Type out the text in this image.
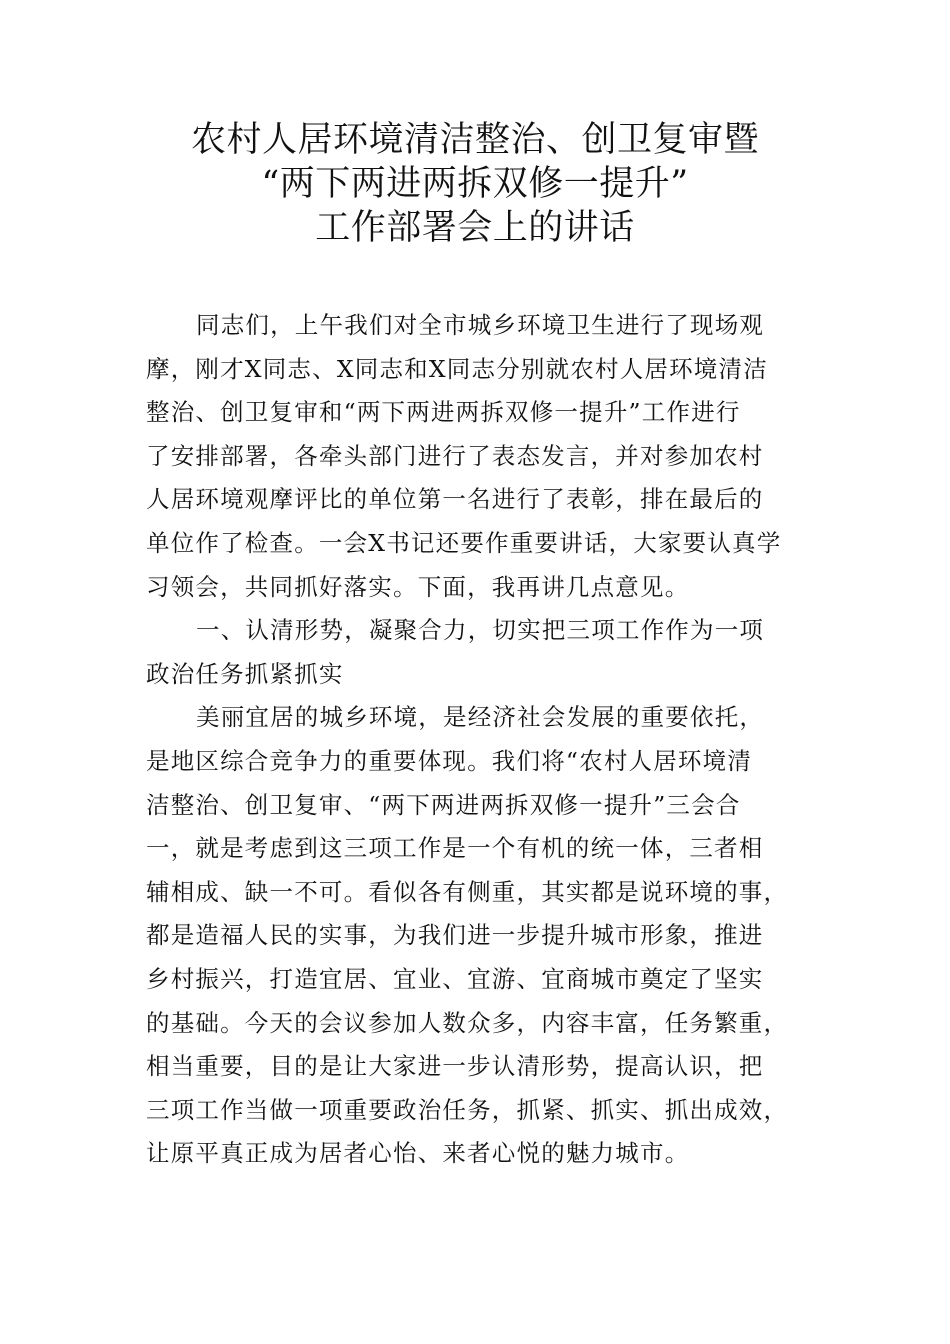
农村人居环境清洁整治、创卫复审暨
“两下两进两拆双修一提升”
工作部署会上的讲话
同志们，上午我们对全市城乡环境卫生进行了现场观
摩，刚才X同志、X同志和X同志分别就农村人居环境清洁
整治、创卫复审和“两下两进两拆双修一提升”工作进行
了安排部署，各牵头部门进行了表态发言，并对参加农村
人居环境观摩评比的单位第一名进行了表彰，排在最后的
单位作了检查。一会X书记还要作重要讲话，大家要认真学
习领会，共同抓好落实。下面，我再讲几点意见。
一、认清形势，凝聚合力，切实把三项工作作为一项
政治任务抓紧抓实
美丽宜居的城乡环境，是经济社会发展的重要依托，
是地区综合竞争力的重要体现。我们将“农村人居环境清
洁整治、创卫复审、“两下两进两拆双修一提升”三会合
一，就是考虑到这三项工作是一个有机的统一体，三者相
辅相成、缺一不可。看似各有侧重，其实都是说环境的事，
都是造福人民的实事，为我们进一步提升城市形象，推进
乡村振兴，打造宜居、宜业、宜游、宜商城市奠定了坚实
的基础。今天的会议参加人数众多，内容丰富，任务繁重，
相当重要，目的是让大家进一步认清形势，提高认识，把
三项工作当做一项重要政治任务，抓紧、抓实、抓出成效，
让原平真正成为居者心怡、来者心悦的魅力城市。
